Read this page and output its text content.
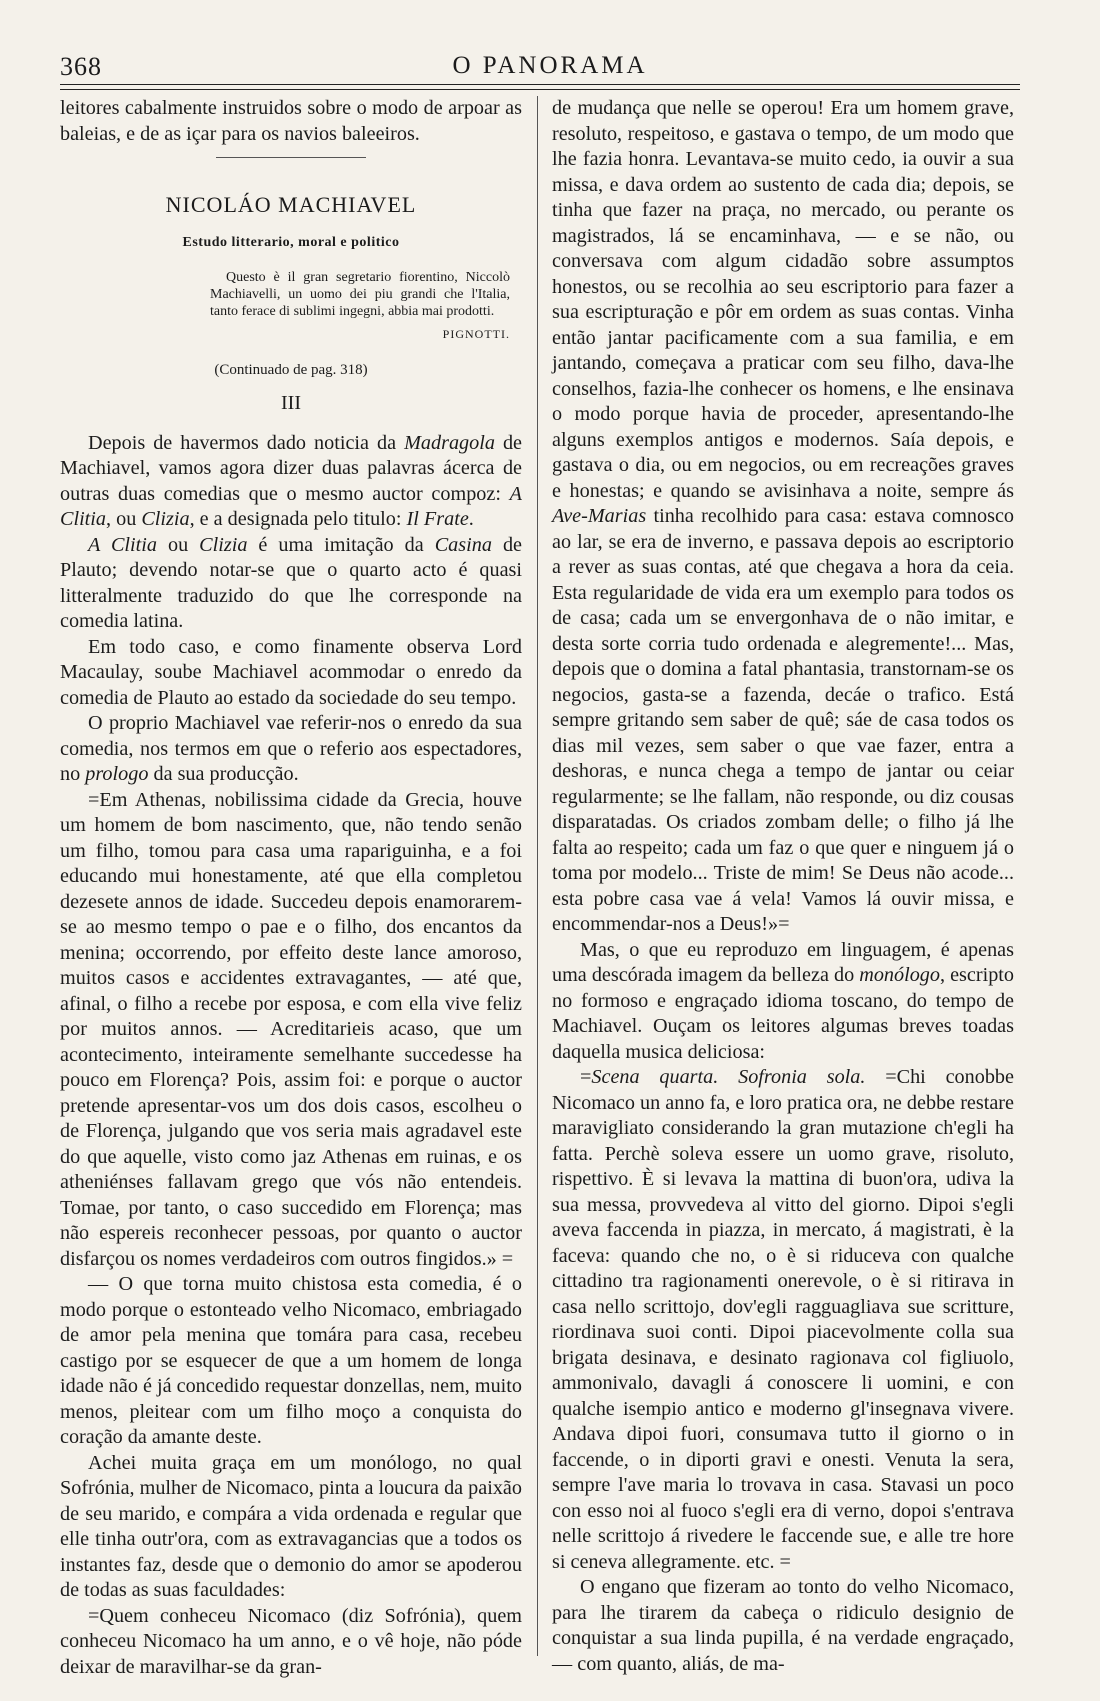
368	O PANORAMA

leitores cabalmente instruidos sobre o modo de arpoar as baleias, e de as içar para os navios baleeiros.

NICOLÁO MACHIAVEL
Estudo litterario, moral e politico
Questo è il gran segretario fiorentino, Niccolò Machiavelli, un uomo dei piu grandi che l'Italia, tanto ferace di sublimi ingegni, abbia mai prodotti.
PIGNOTTI.
(Continuado de pag. 318)
III

Depois de havermos dado noticia da Madragola de Machiavel, vamos agora dizer duas palavras ácerca de outras duas comedias que o mesmo auctor compoz: A Clitia, ou Clizia, e a designada pelo titulo: Il Frate.

A Clitia ou Clizia é uma imitação da Casina de Plauto; devendo notar-se que o quarto acto é quasi litteralmente traduzido do que lhe corresponde na comedia latina.

Em todo caso, e como finamente observa Lord Macaulay, soube Machiavel acommodar o enredo da comedia de Plauto ao estado da sociedade do seu tempo.

O proprio Machiavel vae referir-nos o enredo da sua comedia, nos termos em que o referio aos espectadores, no prologo da sua producção.

=Em Athenas, nobilissima cidade da Grecia, houve um homem de bom nascimento, que, não tendo senão um filho, tomou para casa uma rapariguinha, e a foi educando mui honestamente, até que ella completou dezesete annos de idade. Succedeu depois enamorarem-se ao mesmo tempo o pae e o filho, dos encantos da menina; occorrendo, por effeito deste lance amoroso, muitos casos e accidentes extravagantes, — até que, afinal, o filho a recebe por esposa, e com ella vive feliz por muitos annos. — Acreditarieis acaso, que um acontecimento, inteiramente semelhante succedesse ha pouco em Florença? Pois, assim foi: e porque o auctor pretende apresentar-vos um dos dois casos, escolheu o de Florença, julgando que vos seria mais agradavel este do que aquelle, visto como jaz Athenas em ruinas, e os atheniénses fallavam grego que vós não entendeis. Tomae, por tanto, o caso succedido em Florença; mas não espereis reconhecer pessoas, por quanto o auctor disfarçou os nomes verdadeiros com outros fingidos.» =

— O que torna muito chistosa esta comedia, é o modo porque o estonteado velho Nicomaco, embriagado de amor pela menina que tomára para casa, recebeu castigo por se esquecer de que a um homem de longa idade não é já concedido requestar donzellas, nem, muito menos, pleitear com um filho moço a conquista do coração da amante deste.

Achei muita graça em um monólogo, no qual Sofrónia, mulher de Nicomaco, pinta a loucura da paixão de seu marido, e compára a vida ordenada e regular que elle tinha outr'ora, com as extravagancias que a todos os instantes faz, desde que o demonio do amor se apoderou de todas as suas faculdades:

=Quem conheceu Nicomaco (diz Sofrónia), quem conheceu Nicomaco ha um anno, e o vê hoje, não póde deixar de maravilhar-se da gran-

de mudança que nelle se operou! Era um homem grave, resoluto, respeitoso, e gastava o tempo, de um modo que lhe fazia honra. Levantava-se muito cedo, ia ouvir a sua missa, e dava ordem ao sustento de cada dia; depois, se tinha que fazer na praça, no mercado, ou perante os magistrados, lá se encaminhava, — e se não, ou conversava com algum cidadão sobre assumptos honestos, ou se recolhia ao seu escriptorio para fazer a sua escripturação e pôr em ordem as suas contas. Vinha então jantar pacificamente com a sua familia, e em jantando, começava a praticar com seu filho, dava-lhe conselhos, fazia-lhe conhecer os homens, e lhe ensinava o modo porque havia de proceder, apresentando-lhe alguns exemplos antigos e modernos. Saía depois, e gastava o dia, ou em negocios, ou em recreações graves e honestas; e quando se avisinhava a noite, sempre ás Ave-Marias tinha recolhido para casa: estava comnosco ao lar, se era de inverno, e passava depois ao escriptorio a rever as suas contas, até que chegava a hora da ceia. Esta regularidade de vida era um exemplo para todos os de casa; cada um se envergonhava de o não imitar, e desta sorte corria tudo ordenada e alegremente!... Mas, depois que o domina a fatal phantasia, transtornam-se os negocios, gasta-se a fazenda, decáe o trafico. Está sempre gritando sem saber de quê; sáe de casa todos os dias mil vezes, sem saber o que vae fazer, entra a deshoras, e nunca chega a tempo de jantar ou ceiar regularmente; se lhe fallam, não responde, ou diz cousas disparatadas. Os criados zombam delle; o filho já lhe falta ao respeito; cada um faz o que quer e ninguem já o toma por modelo... Triste de mim! Se Deus não acode... esta pobre casa vae á vela! Vamos lá ouvir missa, e encommendar-nos a Deus!»=

Mas, o que eu reproduzo em linguagem, é apenas uma descórada imagem da belleza do monólogo, escripto no formoso e engraçado idioma toscano, do tempo de Machiavel. Ouçam os leitores algumas breves toadas daquella musica deliciosa:

=Scena quarta. Sofronia sola. =Chi conobbe Nicomaco un anno fa, e loro pratica ora, ne debbe restare maravigliato considerando la gran mutazione ch'egli ha fatta. Perchè soleva essere un uomo grave, risoluto, rispettivo. È si levava la mattina di buon'ora, udiva la sua messa, provvedeva al vitto del giorno. Dipoi s'egli aveva faccenda in piazza, in mercato, á magistrati, è la faceva: quando che no, o è si riduceva con qualche cittadino tra ragionamenti onerevole, o è si ritirava in casa nello scrittojo, dov'egli ragguagliava sue scritture, riordinava suoi conti. Dipoi piacevolmente colla sua brigata desinava, e desinato ragionava col figliuolo, ammonivalo, davagli á conoscere li uomini, e con qualche isempio antico e moderno gl'insegnava vivere. Andava dipoi fuori, consumava tutto il giorno o in faccende, o in diporti gravi e onesti. Venuta la sera, sempre l'ave maria lo trovava in casa. Stavasi un poco con esso noi al fuoco s'egli era di verno, dopoi s'entrava nelle scrittojo á rivedere le faccende sue, e alle tre hore si ceneva allegramente. etc. =

O engano que fizeram ao tonto do velho Nicomaco, para lhe tirarem da cabeça o ridiculo designio de conquistar a sua linda pupilla, é na verdade engraçado, — com quanto, aliás, de ma-
